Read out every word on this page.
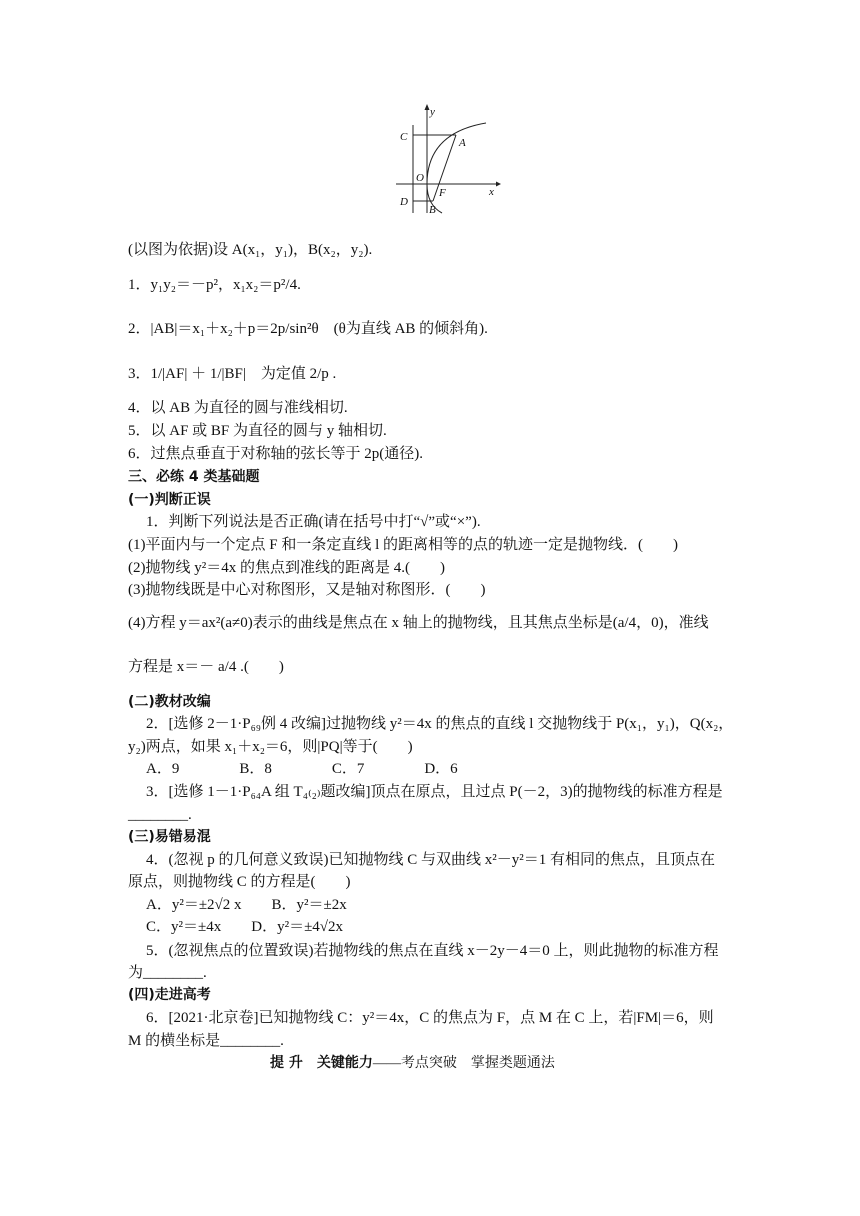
y
x
C	A
O
F
D
B
(以图为依据)设 A(x₁，y₁)，B(x₂，y₂).
1．y₁y₂＝－p²，x₁x₂＝p²/4.
2．|AB|＝x₁＋x₂＋p＝2p/sin²θ　(θ为直线 AB 的倾斜角).
3．1/|AF| ＋ 1/|BF|　为定值 2/p .
4．以 AB 为直径的圆与准线相切.
5．以 AF 或 BF 为直径的圆与 y 轴相切.
6．过焦点垂直于对称轴的弦长等于 2p(通径).
三、必练 4 类基础题
(一)判断正误
1．判断下列说法是否正确(请在括号中打“√”或“×”).
(1)平面内与一个定点 F 和一条定直线 l 的距离相等的点的轨迹一定是抛物线．(　　)
(2)抛物线 y²＝4x 的焦点到准线的距离是 4.(　　)
(3)抛物线既是中心对称图形，又是轴对称图形．(　　)
(4)方程 y＝ax²(a≠0)表示的曲线是焦点在 x 轴上的抛物线，且其焦点坐标是(a/4，0)，准线
方程是 x＝－ a/4 .(　　)
(二)教材改编
2．[选修 2－1·P₆₉例 4 改编]过抛物线 y²＝4x 的焦点的直线 l 交抛物线于 P(x₁，y₁)，Q(x₂，
y₂)两点，如果 x₁＋x₂＝6，则|PQ|等于(　　)
A．9　　　　B．8　　　　C．7　　　　D．6
3．[选修 1－1·P₆₄A 组 T₄₍₂₎题改编]顶点在原点，且过点 P(－2，3)的抛物线的标准方程是
________.
(三)易错易混
4．(忽视 p 的几何意义致误)已知抛物线 C 与双曲线 x²－y²＝1 有相同的焦点，且顶点在
原点，则抛物线 C 的方程是(　　)
A．y²＝±2√2 x　　B．y²＝±2x
C．y²＝±4x　　D．y²＝±4√2x
5．(忽视焦点的位置致误)若抛物线的焦点在直线 x－2y－4＝0 上，则此抛物的标准方程
为________.
(四)走进高考
6．[2021·北京卷]已知抛物线 C：y²＝4x，C 的焦点为 F，点 M 在 C 上，若|FM|＝6，则
M 的横坐标是________.
提 升 关键能力——考点突破　掌握类题通法
